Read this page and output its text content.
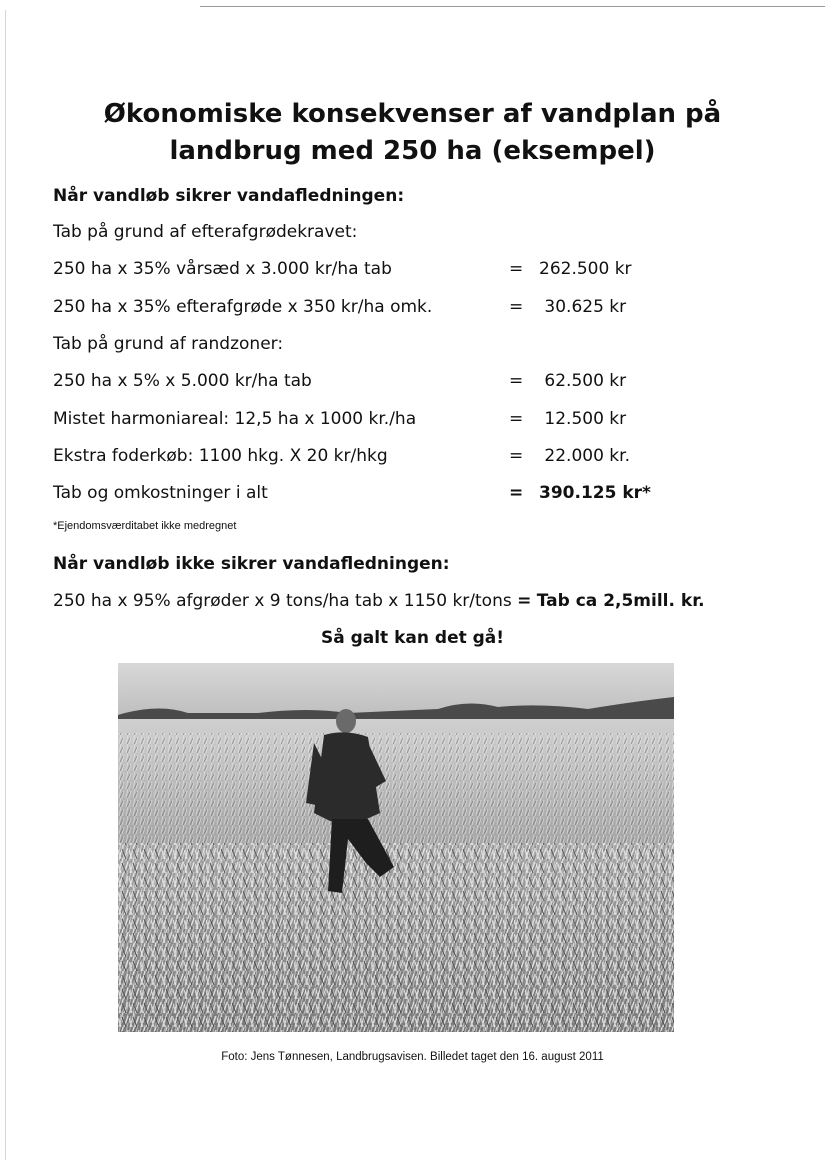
Økonomiske konsekvenser af vandplan på
landbrug med 250 ha (eksempel)
Når vandløb sikrer vandafledningen:
Tab på grund af efterafgrødekravet:
250 ha x 35% vårsæd x 3.000 kr/ha tab	= 262.500 kr
250 ha x 35% efterafgrøde x 350 kr/ha omk.	= 30.625 kr
Tab på grund af randzoner:
250 ha x 5% x 5.000 kr/ha tab	= 62.500 kr
Mistet harmoniareal: 12,5 ha x 1000 kr./ha	= 12.500 kr
Ekstra foderkøb: 1100 hkg. X 20 kr/hkg	= 22.000 kr.
Tab og omkostninger i alt	= 390.125 kr*
*Ejendomsværditabet ikke medregnet
Når vandløb ikke sikrer vandafledningen:
250 ha x 95% afgrøder x 9 tons/ha tab x 1150 kr/tons = Tab ca 2,5mill. kr.
Så galt kan det gå!
Foto: Jens Tønnesen, Landbrugsavisen. Billedet taget den 16. august 2011
